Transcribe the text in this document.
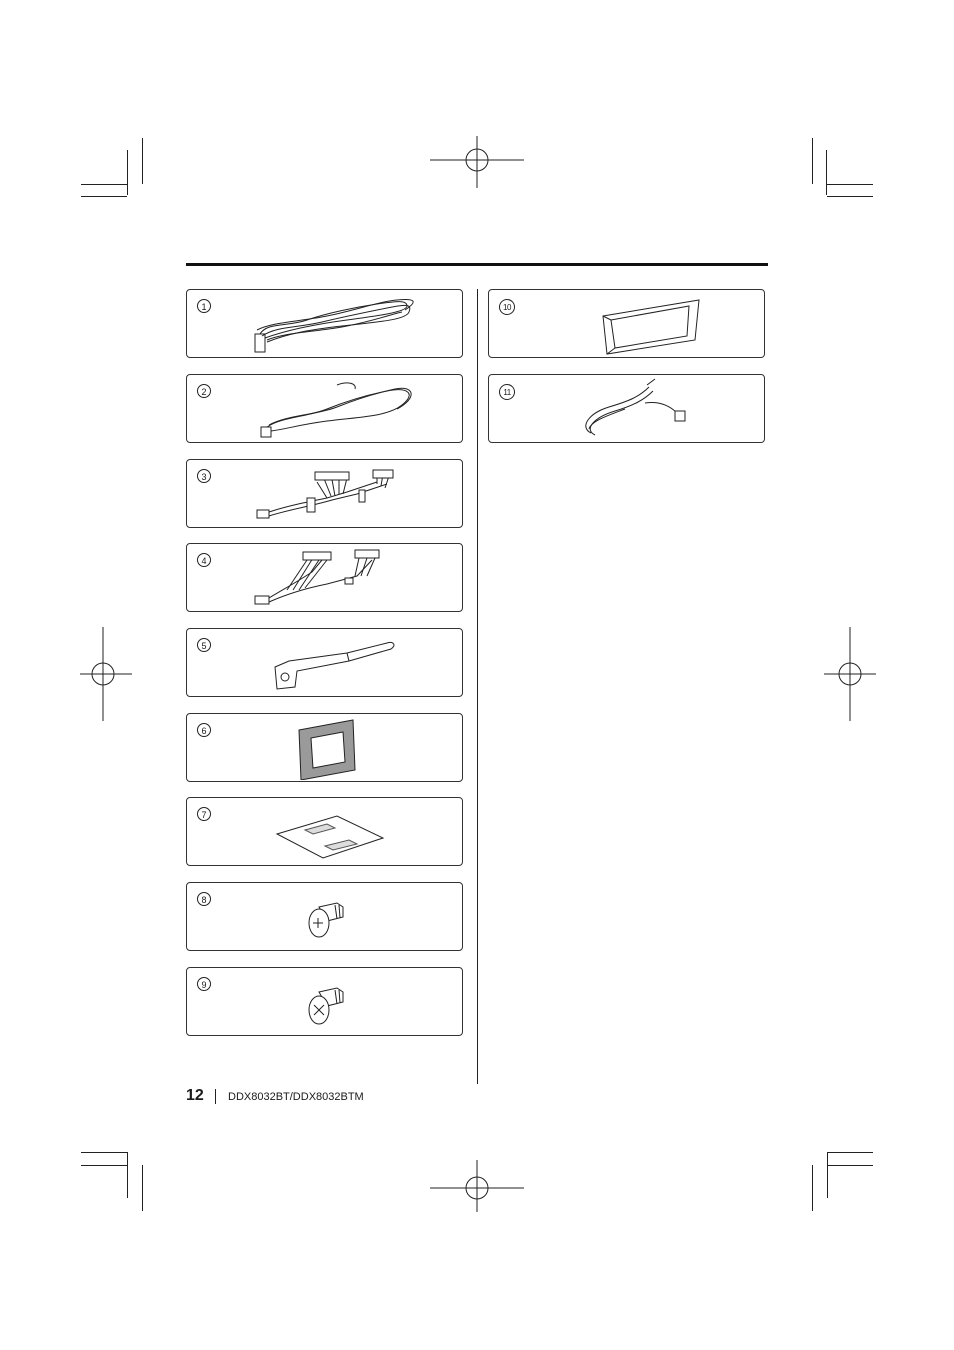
1
2
3
4
5
6
7
8
9
10
11
12 DDX8032BT/DDX8032BTM
